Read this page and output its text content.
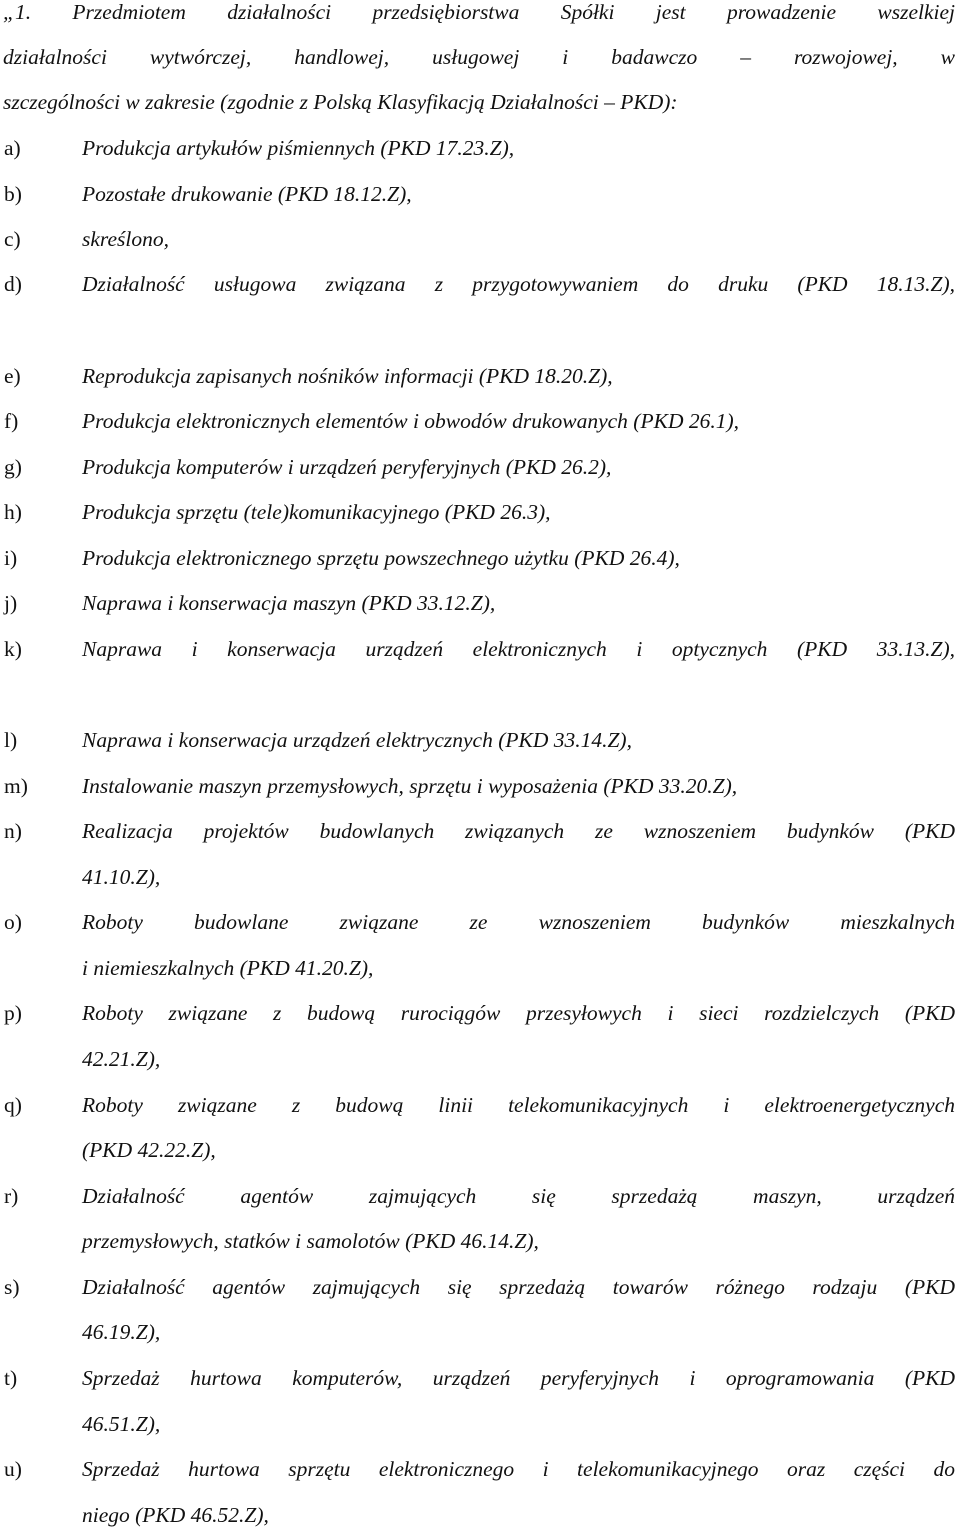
„1. Przedmiotem działalności przedsiębiorstwa Spółki jest prowadzenie wszelkiej
działalności wytwórczej, handlowej, usługowej i badawczo – rozwojowej, w
szczególności w zakresie (zgodnie z Polską Klasyfikacją Działalności – PKD):
a)	Produkcja artykułów piśmiennych (PKD 17.23.Z),
b)	Pozostałe drukowanie (PKD 18.12.Z),
c)	skreślono,
d)	Działalność usługowa związana z przygotowywaniem do druku (PKD 18.13.Z),
e)	Reprodukcja zapisanych nośników informacji (PKD 18.20.Z),
f)	Produkcja elektronicznych elementów i obwodów drukowanych (PKD 26.1),
g)	Produkcja komputerów i urządzeń peryferyjnych (PKD 26.2),
h)	Produkcja sprzętu (tele)komunikacyjnego (PKD 26.3),
i)	Produkcja elektronicznego sprzętu powszechnego użytku (PKD 26.4),
j)	Naprawa i konserwacja maszyn (PKD 33.12.Z),
k)	Naprawa i konserwacja urządzeń elektronicznych i optycznych (PKD 33.13.Z),
l)	Naprawa i konserwacja urządzeń elektrycznych (PKD 33.14.Z),
m)	Instalowanie maszyn przemysłowych, sprzętu i wyposażenia (PKD 33.20.Z),
n)	Realizacja projektów budowlanych związanych ze wznoszeniem budynków (PKD
41.10.Z),
o)	Roboty budowlane związane ze wznoszeniem budynków mieszkalnych
i niemieszkalnych (PKD 41.20.Z),
p)	Roboty związane z budową rurociągów przesyłowych i sieci rozdzielczych (PKD
42.21.Z),
q)	Roboty związane z budową linii telekomunikacyjnych i elektroenergetycznych
(PKD 42.22.Z),
r)	Działalność agentów zajmujących się sprzedażą maszyn, urządzeń
przemysłowych, statków i samolotów (PKD 46.14.Z),
s)	Działalność agentów zajmujących się sprzedażą towarów różnego rodzaju (PKD
46.19.Z),
t)	Sprzedaż hurtowa komputerów, urządzeń peryferyjnych i oprogramowania (PKD
46.51.Z),
u)	Sprzedaż hurtowa sprzętu elektronicznego i telekomunikacyjnego oraz części do
niego (PKD 46.52.Z),
